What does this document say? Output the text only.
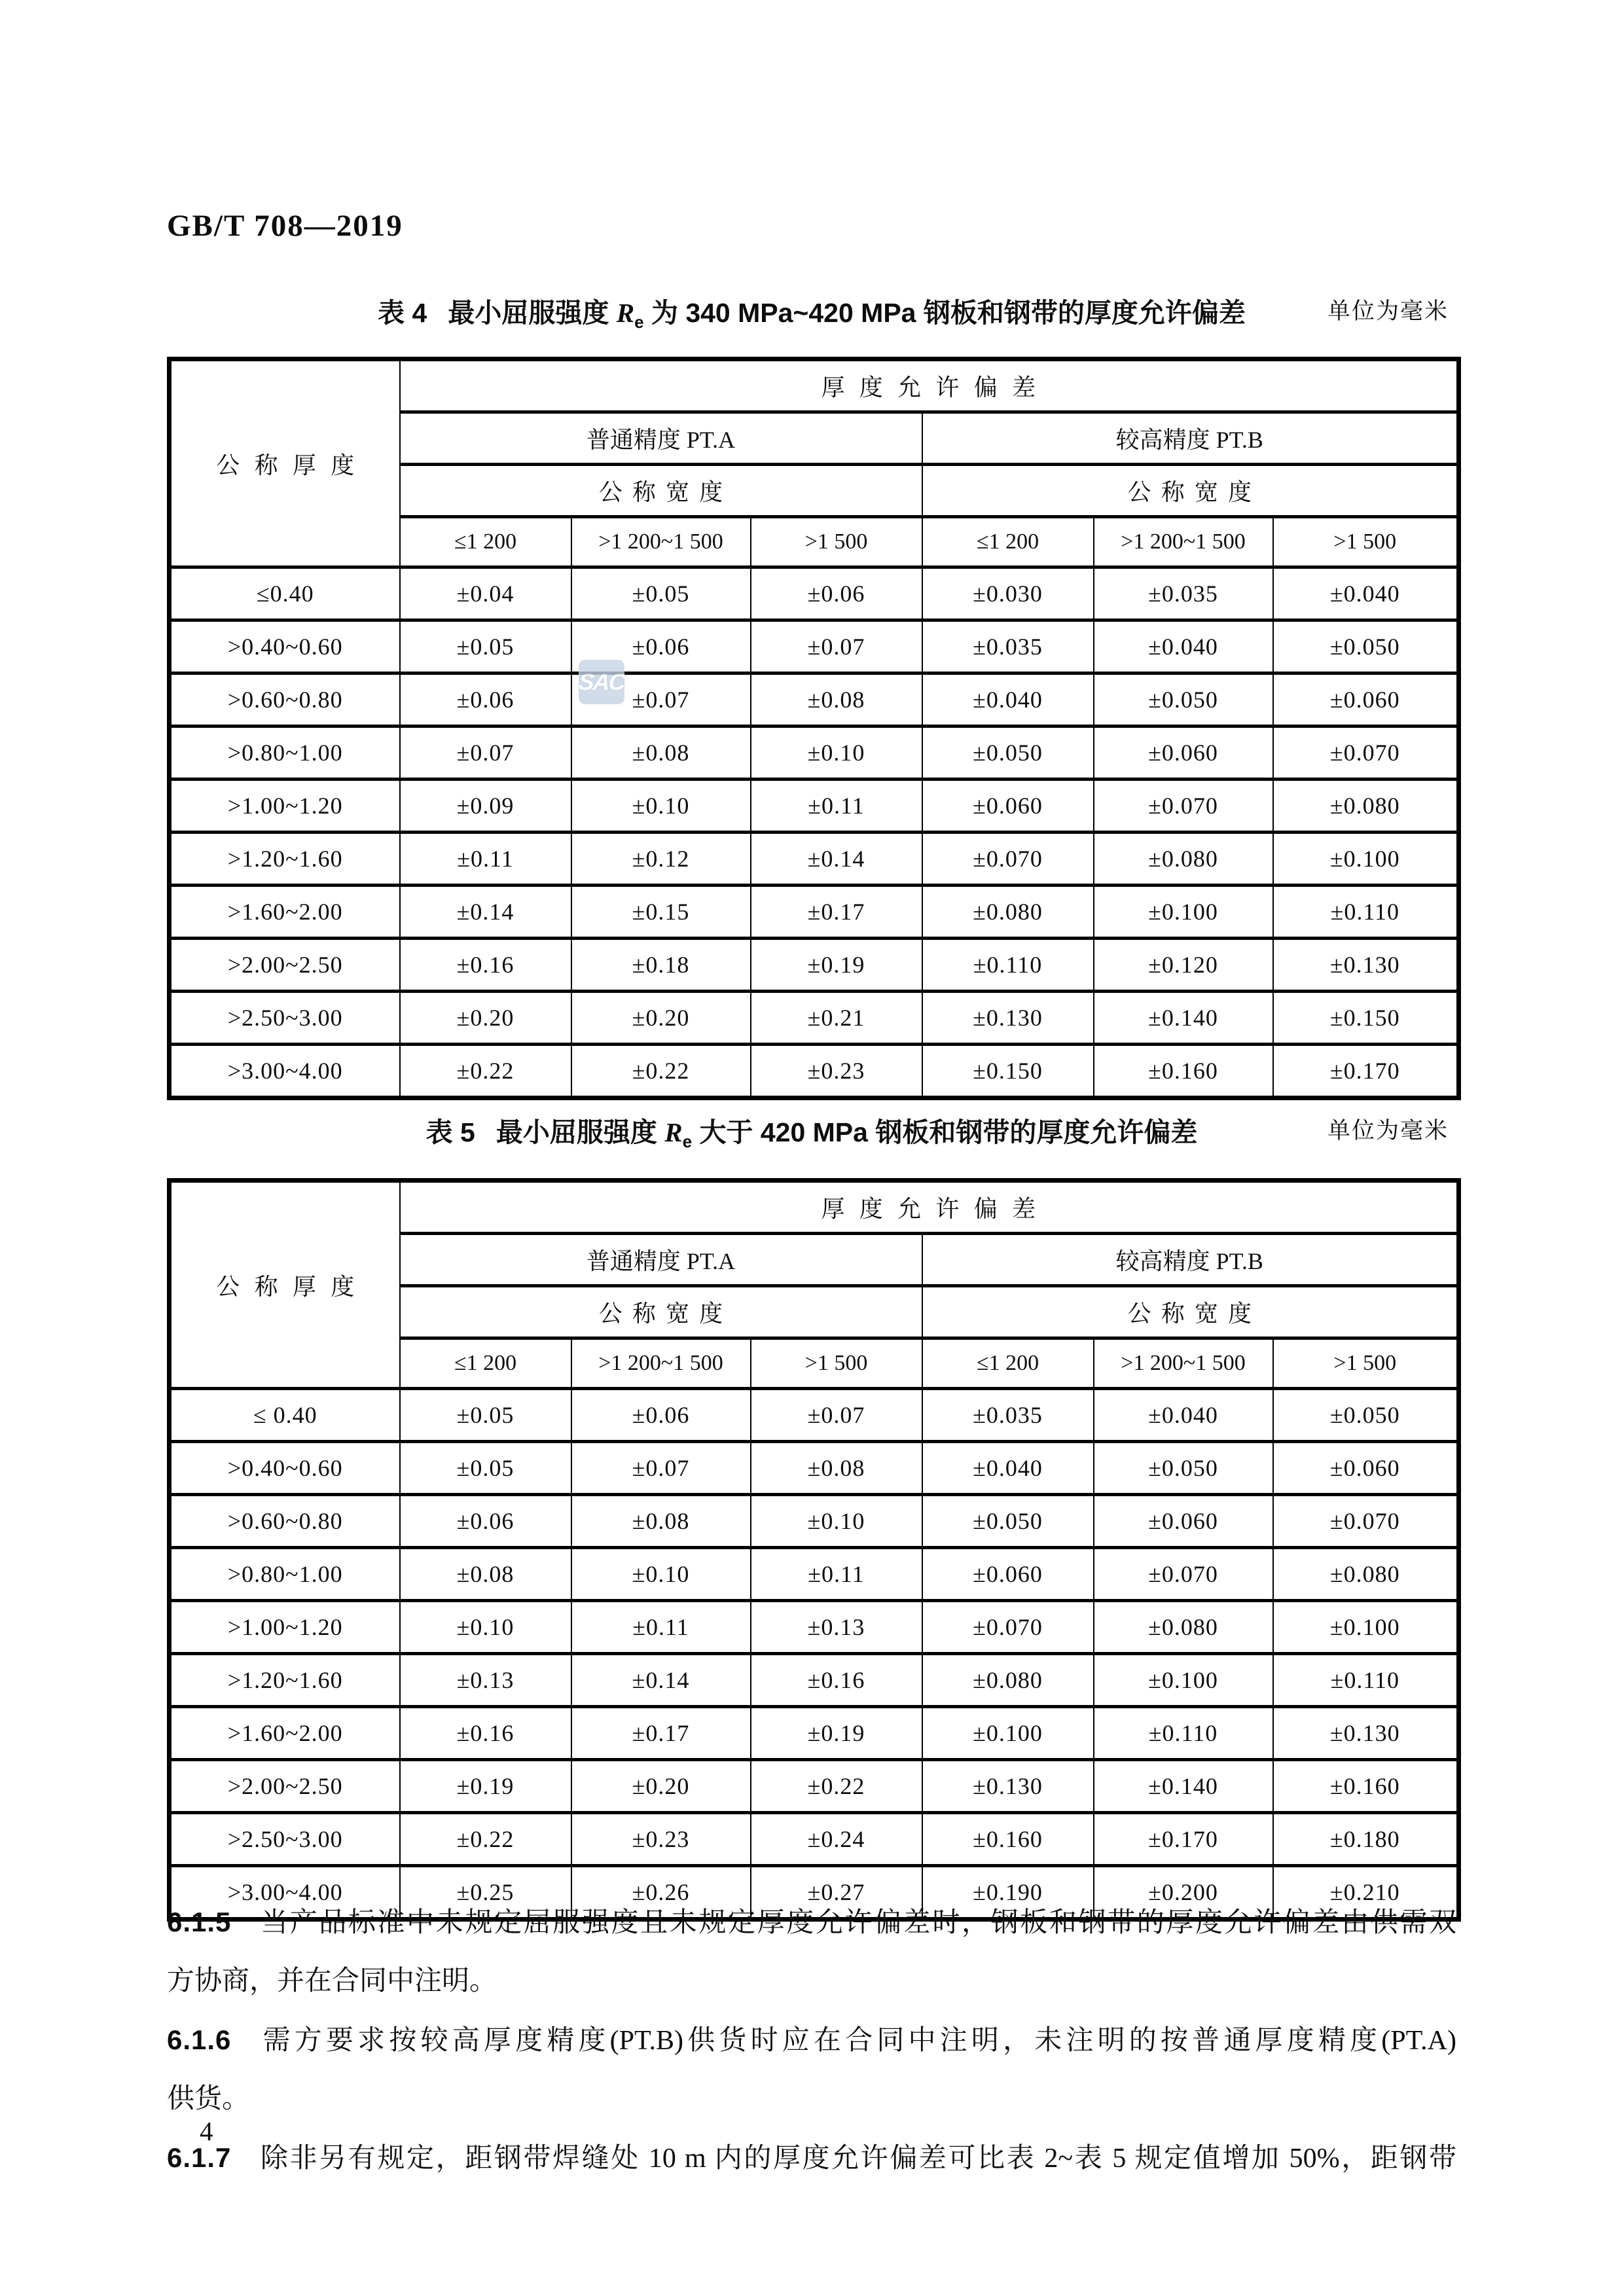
GB/T 708—2019
表 4 最小屈服强度 $R_e$ 为 340 MPa~420 MPa 钢板和钢带的厚度允许偏差	单位为毫米
公称厚度	厚度允许偏差					
	普通精度 PT.A			较高精度 PT.B		
	公称宽度			公称宽度		
	≤1 200	>1 200~1 500	>1 500	≤1 200	>1 200~1 500	>1 500
≤0.40	±0.04	±0.05	±0.06	±0.030	±0.035	±0.040
>0.40~0.60	±0.05	±0.06	±0.07	±0.035	±0.040	±0.050
>0.60~0.80	±0.06	±0.07	±0.08	±0.040	±0.050	±0.060
>0.80~1.00	±0.07	±0.08	±0.10	±0.050	±0.060	±0.070
>1.00~1.20	±0.09	±0.10	±0.11	±0.060	±0.070	±0.080
>1.20~1.60	±0.11	±0.12	±0.14	±0.070	±0.080	±0.100
>1.60~2.00	±0.14	±0.15	±0.17	±0.080	±0.100	±0.110
>2.00~2.50	±0.16	±0.18	±0.19	±0.110	±0.120	±0.130
>2.50~3.00	±0.20	±0.20	±0.21	±0.130	±0.140	±0.150
>3.00~4.00	±0.22	±0.22	±0.23	±0.150	±0.160	±0.170
SAC
表 5 最小屈服强度 $R_e$ 大于 420 MPa 钢板和钢带的厚度允许偏差	单位为毫米
公称厚度	厚度允许偏差					
	普通精度 PT.A			较高精度 PT.B		
	公称宽度			公称宽度		
	≤1 200	>1 200~1 500	>1 500	≤1 200	>1 200~1 500	>1 500
≤ 0.40	±0.05	±0.06	±0.07	±0.035	±0.040	±0.050
>0.40~0.60	±0.05	±0.07	±0.08	±0.040	±0.050	±0.060
>0.60~0.80	±0.06	±0.08	±0.10	±0.050	±0.060	±0.070
>0.80~1.00	±0.08	±0.10	±0.11	±0.060	±0.070	±0.080
>1.00~1.20	±0.10	±0.11	±0.13	±0.070	±0.080	±0.100
>1.20~1.60	±0.13	±0.14	±0.16	±0.080	±0.100	±0.110
>1.60~2.00	±0.16	±0.17	±0.19	±0.100	±0.110	±0.130
>2.00~2.50	±0.19	±0.20	±0.22	±0.130	±0.140	±0.160
>2.50~3.00	±0.22	±0.23	±0.24	±0.160	±0.170	±0.180
>3.00~4.00	±0.25	±0.26	±0.27	±0.190	±0.200	±0.210
6.1.5 当产品标准中未规定屈服强度且未规定厚度允许偏差时，钢板和钢带的厚度允许偏差由供需双
方协商，并在合同中注明。
6.1.6 需方要求按较高厚度精度(PT.B)供货时应在合同中注明，未注明的按普通厚度精度(PT.A)
供货。
6.1.7 除非另有规定，距钢带焊缝处 10 m 内的厚度允许偏差可比表 2~表 5 规定值增加 50%，距钢带
4
